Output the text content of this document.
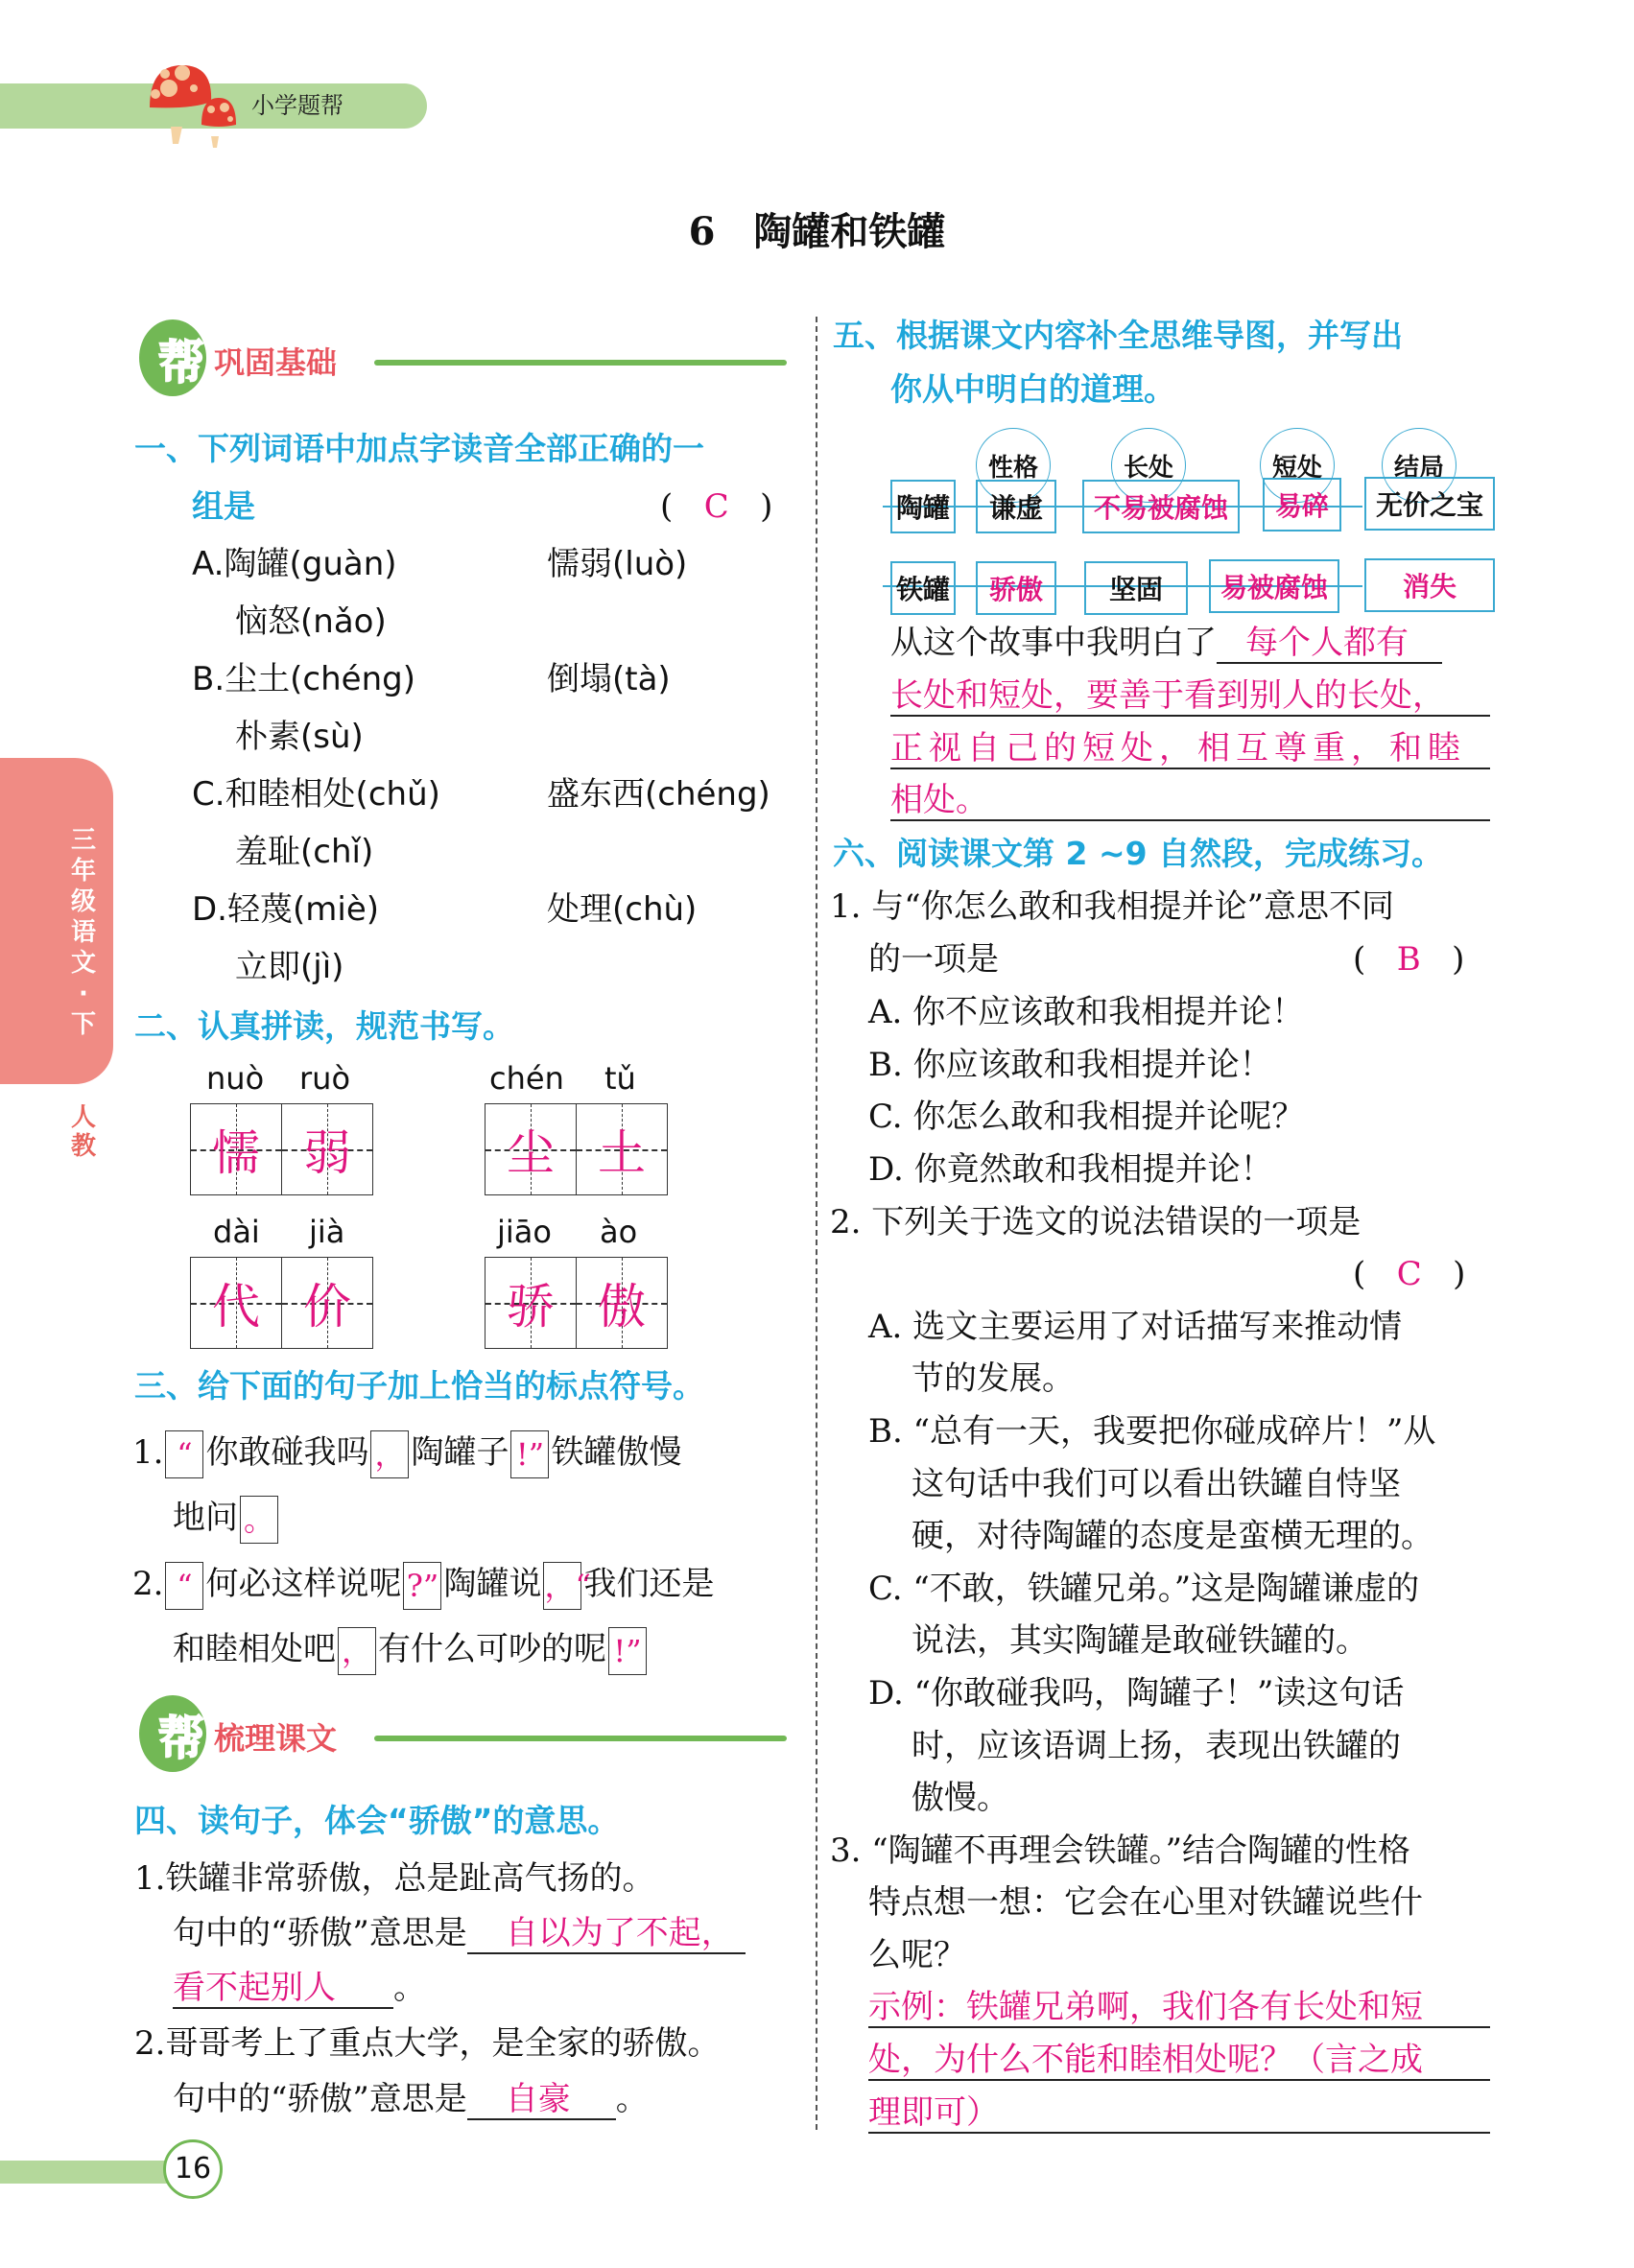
小学题帮
6 陶罐和铁罐
三
年
级
语
文
·
下
人
教
帮 巩固基础
一、下列词语中加点字读音全部正确的一
组是	(   C   )
A.陶罐(guàn)	懦弱(luò)
恼怒(nǎo)
B.尘土(chéng)	倒塌(tà)
朴素(sù)
C.和睦相处(chǔ)	盛东西(chéng)
羞耻(chǐ)
D.轻蔑(miè)	处理(chù)
立即(jì)
二、认真拼读，规范书写。
nuò ruò
懦 弱
chén tǔ
尘 土
dài jià
代 价
jiāo ào
骄 傲
三、给下面的句子加上恰当的标点符号。
1. “ 你敢碰我吗 ， 陶罐子 !” 铁罐傲慢
地问 。
2. “ 何必这样说呢 ?” 陶罐说，“我们还是
和睦相处吧 ， 有什么可吵的呢 !”
帮 梳理课文
四、读句子，体会“骄傲”的意思。
1.铁罐非常骄傲，总是趾高气扬的。
句中的“骄傲”意思是 自以为了不起，
看不起别人 。
2.哥哥考上了重点大学，是全家的骄傲。
句中的“骄傲”意思是 自豪 。
五、根据课文内容补全思维导图，并写出
你从中明白的道理。
性格	长处	短处	结局
陶罐	谦虚	不易被腐蚀	易碎	无价之宝
铁罐	骄傲	坚固	易被腐蚀	消失
从这个故事中我明白了 每个人都有
长处和短处，要善于看到别人的长处，
正视自己的短处，相互尊重，和睦
相处。
六、阅读课文第 2 ~9 自然段，完成练习。
1. 与“你怎么敢和我相提并论”意思不同
的一项是	(   B   )
A. 你不应该敢和我相提并论！
B. 你应该敢和我相提并论！
C. 你怎么敢和我相提并论呢？
D. 你竟然敢和我相提并论！
2. 下列关于选文的说法错误的一项是
(   C   )
A. 选文主要运用了对话描写来推动情
节的发展。
B. “总有一天，我要把你碰成碎片！”从
这句话中我们可以看出铁罐自恃坚
硬，对待陶罐的态度是蛮横无理的。
C. “不敢，铁罐兄弟。”这是陶罐谦虚的
说法，其实陶罐是敢碰铁罐的。
D. “你敢碰我吗，陶罐子！”读这句话
时，应该语调上扬，表现出铁罐的
傲慢。
3. “陶罐不再理会铁罐。”结合陶罐的性格
特点想一想：它会在心里对铁罐说些什
么呢？
示例：铁罐兄弟啊，我们各有长处和短
处，为什么不能和睦相处呢？（言之成
理即可）
16
